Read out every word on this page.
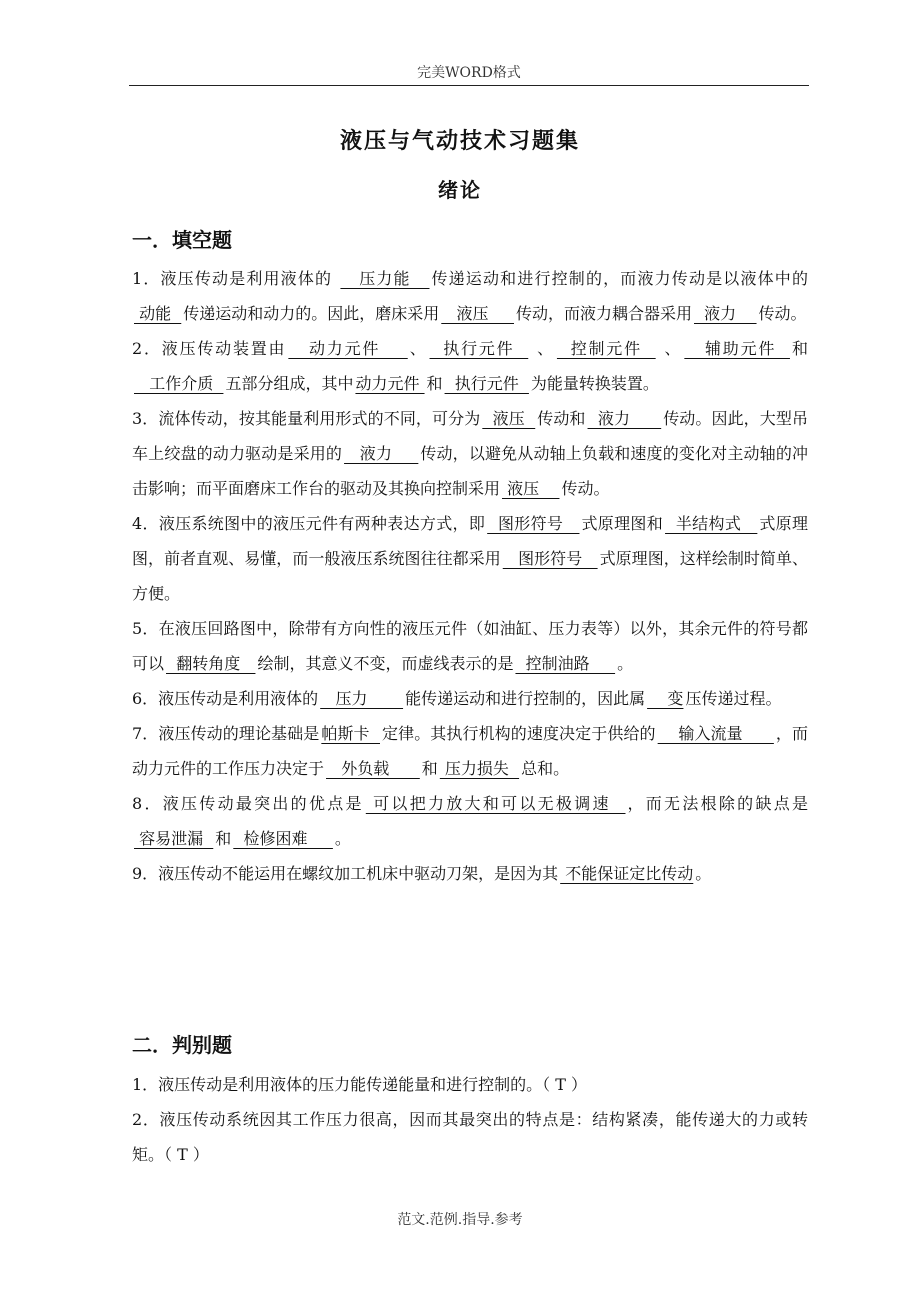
完美WORD格式
液压与气动技术习题集
绪论
一．填空题

1．液压传动是利用液体的    压力能   传递运动和进行控制的，而液力传动是以液体中的 动能  传递运动和动力的。因此，磨床采用   液压     传动，而液力耦合器采用  液力    传动。

2．液压传动装置由   动力元件    、  执行元件   、  控制元件   、   辅助元件  和   工作介质  五部分组成，其中 动力元件 和  执行元件  为能量转换装置。

3．流体传动，按其能量利用形式的不同，可分为  液压  传动和  液力      传动。因此，大型吊车上绞盘的动力驱动是采用的   液力     传动，以避免从动轴上负载和速度的变化对主动轴的冲击影响；而平面磨床工作台的驱动及其换向控制采用 液压    传动。

4．液压系统图中的液压元件有两种表达方式，即  图形符号   式原理图和  半结构式   式原理图，前者直观、易懂，而一般液压系统图往往都采用   图形符号   式原理图，这样绘制时简单、方便。

5．在液压回路图中，除带有方向性的液压元件（如油缸、压力表等）以外，其余元件的符号都可以  翻转角度   绘制，其意义不变，而虚线表示的是  控制油路     。

6．液压传动是利用液体的   压力       能传递运动和进行控制的，因此属    变 压传递过程。

7．液压传动的理论基础是 帕斯卡  定律。其执行机构的速度决定于供给的    输入流量      ，而动力元件的工作压力决定于   外负载      和 压力损失  总和。

8．液压传动最突出的优点是 可以把力放大和可以无极调速  ，而无法根除的缺点是  容易泄漏  和  检修困难     。

9．液压传动不能运用在螺纹加工机床中驱动刀架，是因为其 不能保证定比传动 。

二．判别题

1．液压传动是利用液体的压力能传递能量和进行控制的。（ T ）

2．液压传动系统因其工作压力很高，因而其最突出的特点是：结构紧凑，能传递大的力或转矩。（ T ）

范文.范例.指导.参考
